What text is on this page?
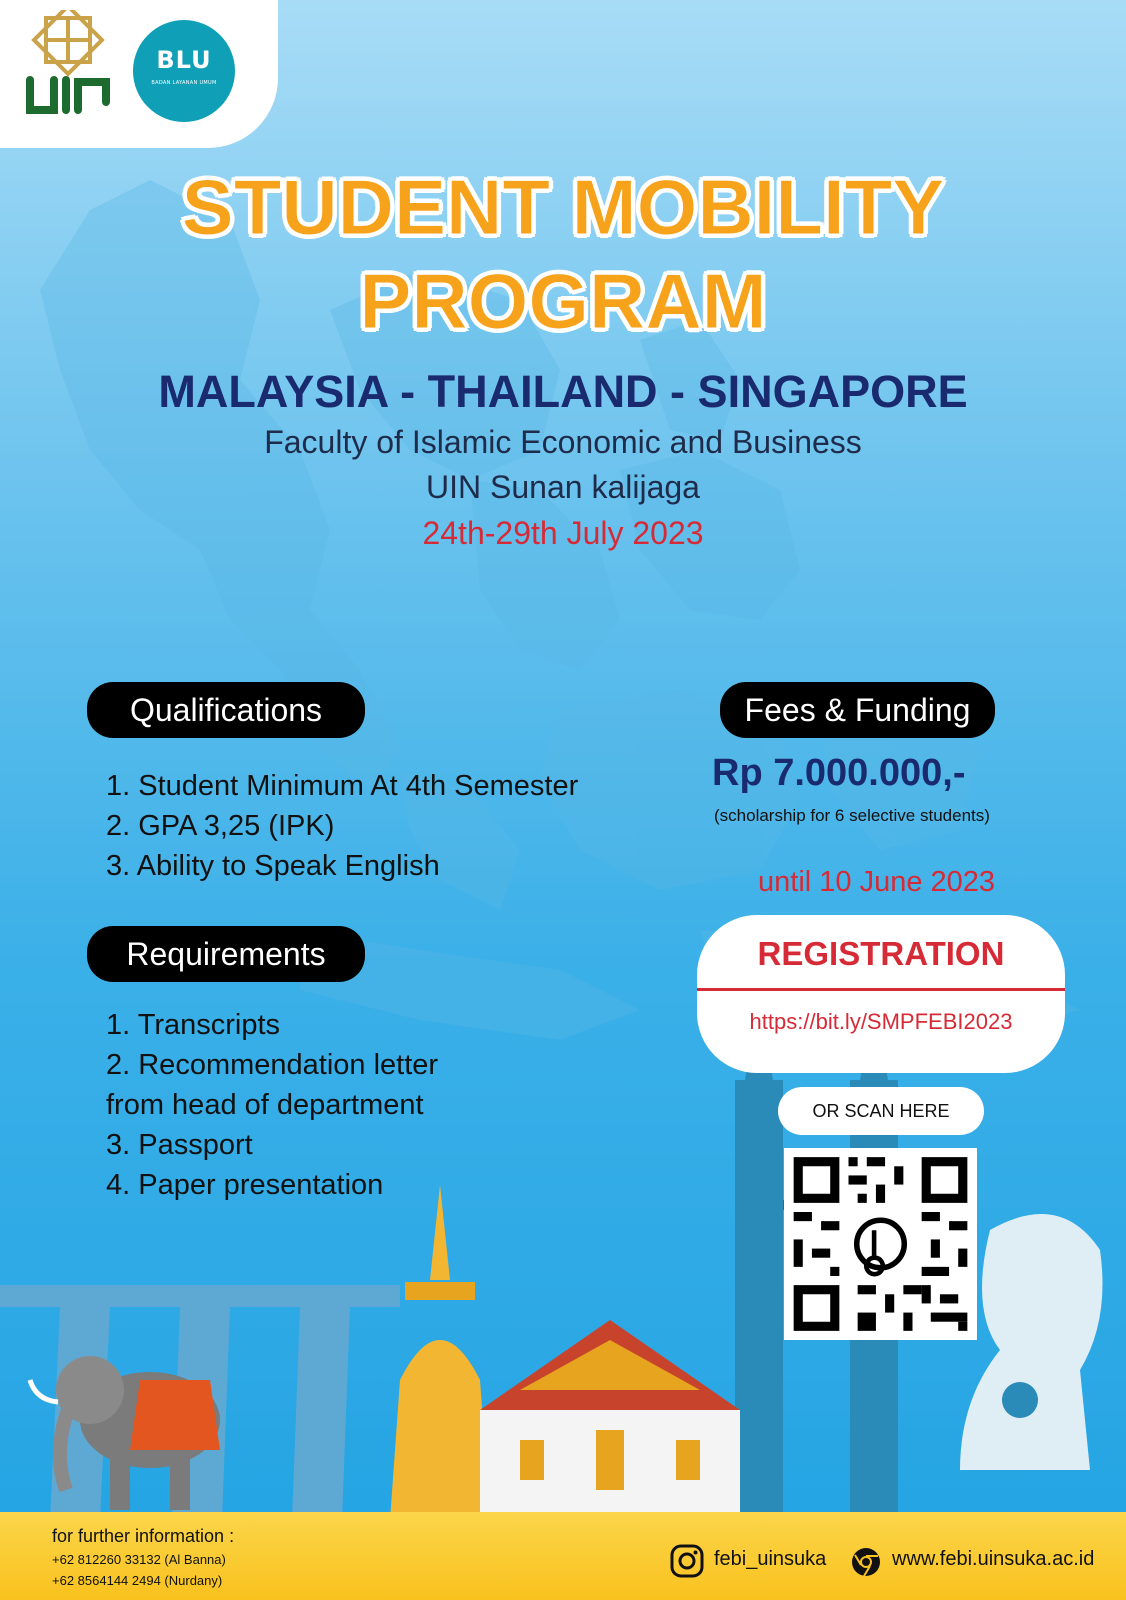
BLU
BADAN LAYANAN UMUM
STUDENT MOBILITY
PROGRAM
MALAYSIA - THAILAND - SINGAPORE
Faculty of Islamic Economic and Business
UIN Sunan kalijaga
24th-29th July 2023
Qualifications
1. Student Minimum At 4th Semester
2. GPA 3,25 (IPK)
3. Ability to Speak English
Requirements
1. Transcripts
2. Recommendation letter
from head of department
3. Passport
4. Paper presentation
Fees & Funding
Rp 7.000.000,-
(scholarship for 6 selective students)
until 10 June 2023
REGISTRATION
https://bit.ly/SMPFEBI2023
OR SCAN HERE
for further information :
+62 812260 33132 (Al Banna)
+62 8564144 2494 (Nurdany)
febi_uinsuka	www.febi.uinsuka.ac.id
